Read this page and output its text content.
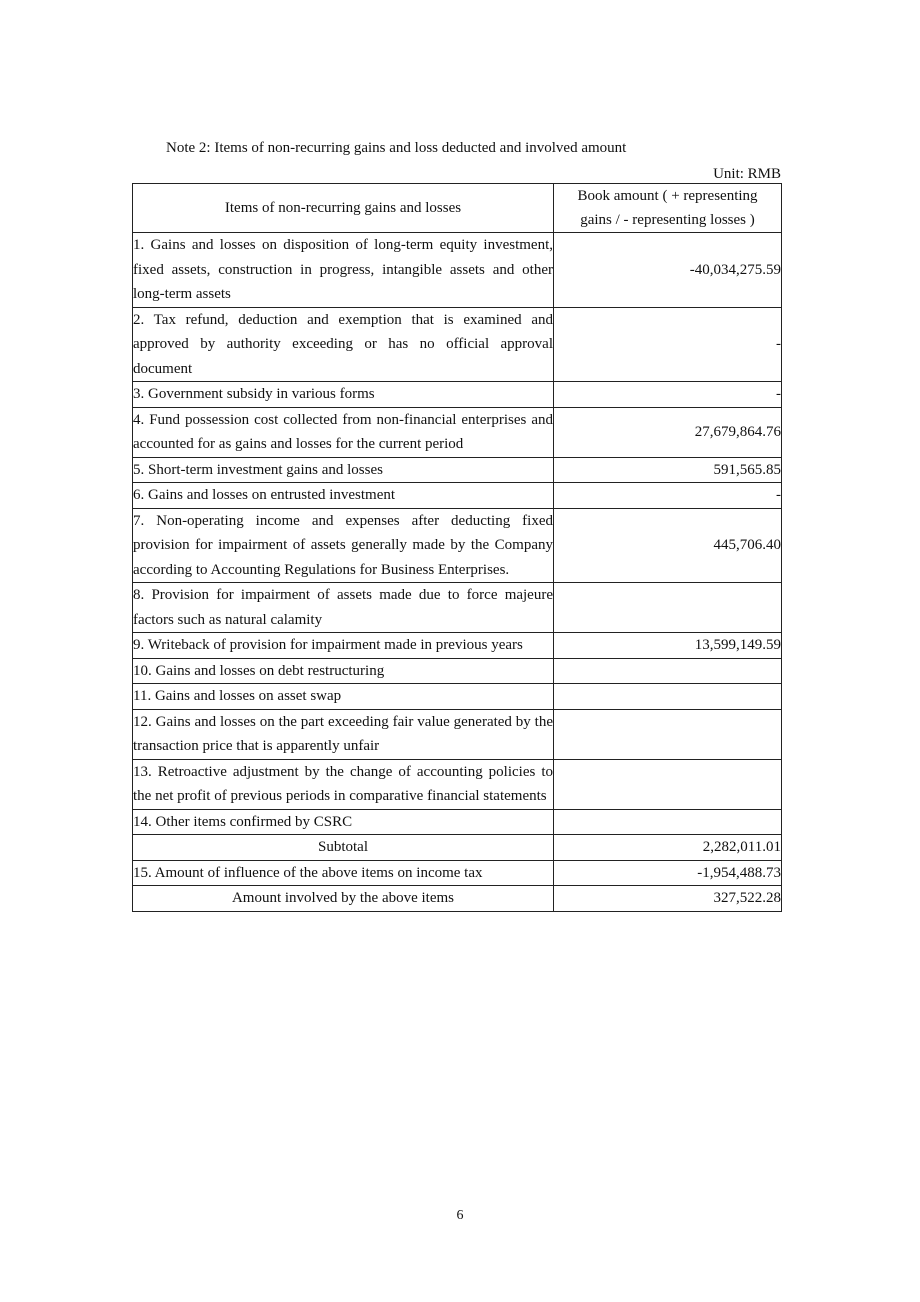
Note 2: Items of non-recurring gains and loss deducted and involved amount
Unit: RMB
Items of non-recurring gains and losses	Book amount ( + representing
gains / - representing losses )
1. Gains and losses on disposition of long-term equity investment, fixed assets, construction in progress, intangible assets and other long-term assets	-40,034,275.59
2. Tax refund, deduction and exemption that is examined and approved by authority exceeding or has no official approval document	-
3. Government subsidy in various forms	-
4. Fund possession cost collected from non-financial enterprises and accounted for as gains and losses for the current period	27,679,864.76
5. Short-term investment gains and losses	591,565.85
6. Gains and losses on entrusted investment	-
7. Non-operating income and expenses after deducting fixed provision for impairment of assets generally made by the Company according to Accounting Regulations for Business Enterprises.	445,706.40
8. Provision for impairment of assets made due to force majeure factors such as natural calamity	
9. Writeback of provision for impairment made in previous years	13,599,149.59
10. Gains and losses on debt restructuring	
11. Gains and losses on asset swap	
12. Gains and losses on the part exceeding fair value generated by the transaction price that is apparently unfair	
13. Retroactive adjustment by the change of accounting policies to the net profit of previous periods in comparative financial statements	
14. Other items confirmed by CSRC	
Subtotal	2,282,011.01
15. Amount of influence of the above items on income tax	-1,954,488.73
Amount involved by the above items	327,522.28
6
